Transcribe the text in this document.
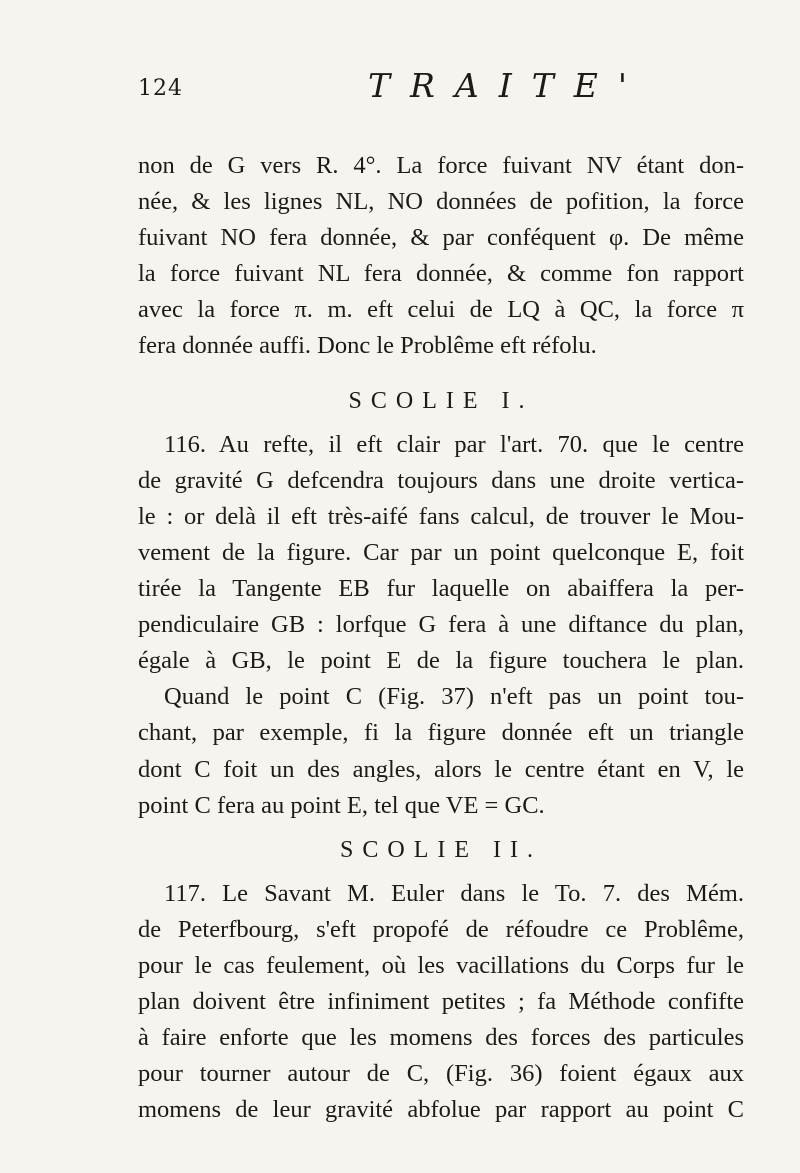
124	TRAITE'
non de G vers R. 4°. La force fuivant NV étant don-
née, & les lignes NL, NO données de pofition, la force
fuivant NO fera donnée, & par conféquent φ. De même
la force fuivant NL fera donnée, & comme fon rapport
avec la force π. m. eft celui de LQ à QC, la force π
fera donnée auffi. Donc le Problême eft réfolu.
SCOLIE I.
116. Au refte, il eft clair par l'art. 70. que le centre
de gravité G defcendra toujours dans une droite vertica-
le : or delà il eft très-aifé fans calcul, de trouver le Mou-
vement de la figure. Car par un point quelconque E, foit
tirée la Tangente EB fur laquelle on abaiffera la per-
pendiculaire GB : lorfque G fera à une diftance du plan,
égale à GB, le point E de la figure touchera le plan.
Quand le point C (Fig. 37) n'eft pas un point tou-
chant, par exemple, fi la figure donnée eft un triangle
dont C foit un des angles, alors le centre étant en V, le
point C fera au point E, tel que VE = GC.
SCOLIE II.
117. Le Savant M. Euler dans le To. 7. des Mém.
de Peterfbourg, s'eft propofé de réfoudre ce Problême,
pour le cas feulement, où les vacillations du Corps fur le
plan doivent être infiniment petites ; fa Méthode confifte
à faire enforte que les momens des forces des particules
pour tourner autour de C, (Fig. 36) foient égaux aux
momens de leur gravité abfolue par rapport au point C
